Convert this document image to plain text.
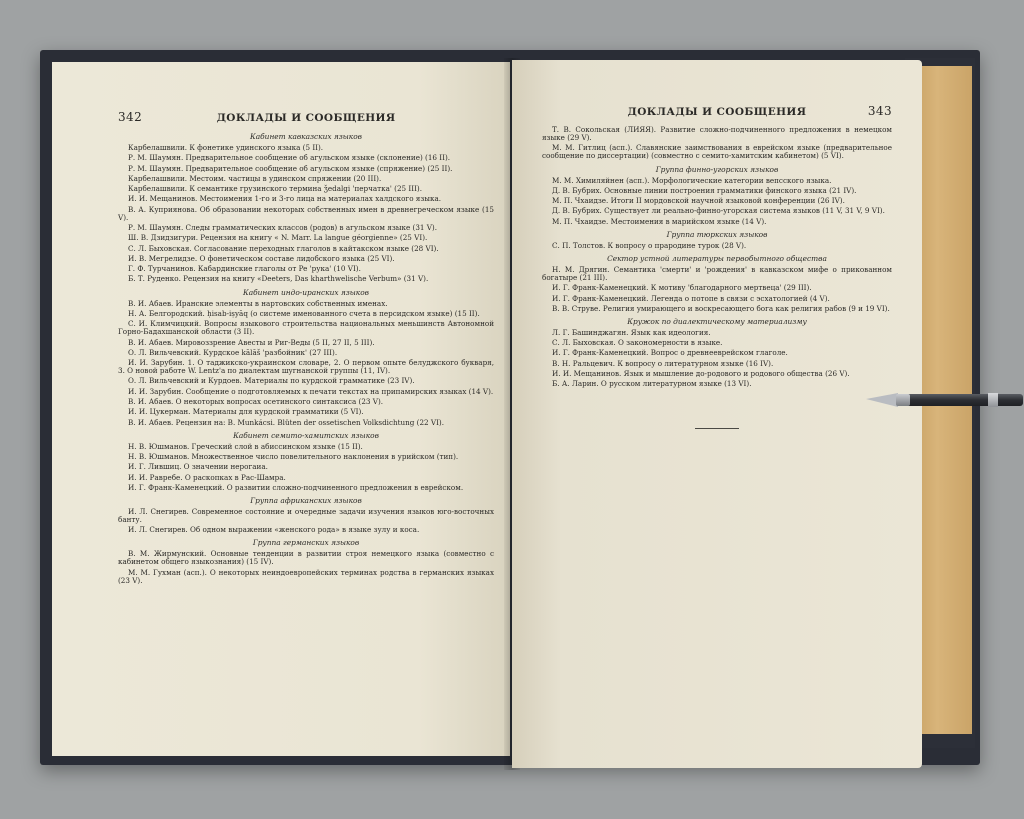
342	ДОКЛАДЫ И СООБЩЕНИЯ
Кабинет кавказских языков

Карбелашвили. К фонетике удинского языка (5 II).

Р. М. Шаумян. Предварительное сообщение об агульском языке (склонение) (16 II).

Р. М. Шаумян. Предварительное сообщение об агульском языке (спряжение) (25 II).

Карбелашвили. Местоим. частицы в удинском спряжении (20 III).

Карбелашвили. К семантике грузинского термина ǯedalgi 'перчатка' (25 III).

И. И. Мещанинов. Местоимения 1-го и 3-го лица на материалах халдского языка.

В. А. Куприянова. Об образовании некоторых собственных имен в древнегреческом языке (15 V).

Р. М. Шаумян. Следы грамматических классов (родов) в агульском языке (31 V).

Ш. В. Дзидзигури. Рецензия на книгу « N. Marr. La langue géorgienne» (25 VI).

С. Л. Быховская. Согласование переходных глаголов в кайтакском языке (28 VI).

И. В. Мегрелидзе. О фонетическом составе лидобского языка (25 VI).

Г. Ф. Турчанинов. Кабардинские глаголы от Pe 'рука' (10 VI).

Б. Т. Руденко. Рецензия на книгу «Deeters, Das kharthwelische Verbum» (31 V).

Кабинет индо-иранских языков

В. И. Абаев. Иранские элементы в нартовских собственных именах.

Н. А. Белгородский. ḥisab-iṣyāq (о системе именованного счета в персидском языке) (15 II).

С. И. Климчицкий. Вопросы языкового строительства национальных меньшинств Автономной Горно-Бадахшанской области (3 II).

В. И. Абаев. Мировоззрение Авесты и Риг-Веды (5 II, 27 II, 5 III).

О. Л. Вильчевский. Курдское kālāš 'разбойник' (27 III).

И. И. Зарубин. 1. О таджикско-украинском словаре, 2. О первом опыте белуджского букваря, 3. О новой работе W. Lentz'а по диалектам шугнанской группы (11, IV).

О. Л. Вильчевский и Курдоев. Материалы по курдской грамматике (23 IV).

И. И. Зарубин. Сообщение о подготовляемых к печати текстах на припамирских языках (14 V).

В. И. Абаев. О некоторых вопросах осетинского синтаксиса (23 V).

И. И. Цукерман. Материалы для курдской грамматики (5 VI).

В. И. Абаев. Рецензия на: B. Munkácsi. Blüten der ossetischen Volksdichtung (22 VI).

Кабинет семито-хамитских языков

Н. В. Юшманов. Греческий слой в абиссинском языке (15 II).

Н. В. Юшманов. Множественное число повелительного наклонения в урийском (тип).

И. Г. Лившиц. О значении нерогаиа.

И. И. Равребе. О раскопках в Рас-Шамра.

И. Г. Франк-Каменецкий. О развитии сложно-подчиненного предложения в еврейском.

Группа африканских языков

И. Л. Снегирев. Современное состояние и очередные задачи изучения языков юго-восточных банту.

И. Л. Снегирев. Об одном выражении «женского рода» в языке зулу и коса.

Группа германских языков

В. М. Жирмунский. Основные тенденции в развитии строя немецкого языка (совместно с кабинетом общего языкознания) (15 IV).

М. М. Гухман (асп.). О некоторых неиндоевропейских терминах родства в германских языках (23 V).

ДОКЛАДЫ И СООБЩЕНИЯ	343

Т. В. Сокольская (ЛИЯЯ). Развитие сложно-подчиненного предложения в немецком языке (29 V).

М. М. Гитлиц (асп.). Славянские заимствования в еврейском языке (предварительное сообщение по диссертации) (совместно с семито-хамитским кабинетом) (5 VI).

Группа финно-угорских языков

М. М. Химиляйнен (асп.). Морфологические категории вепсского языка.

Д. В. Бубрих. Основные линии построения грамматики финского языка (21 IV).

М. П. Чхаидзе. Итоги II мордовской научной языковой конференции (26 IV).

Д. В. Бубрих. Существует ли реально-финно-угорская система языков (11 V, 31 V, 9 VI).

М. П. Чхаидзе. Местоимения в марийском языке (14 V).

Группа тюркских языков

С. П. Толстов. К вопросу о прародине турок (28 V).

Сектор устной литературы первобытного общества

Н. М. Дрягин. Семантика 'смерти' и 'рождения' в кавказском мифе о прикованном богатыре (21 III).

И. Г. Франк-Каменецкий. К мотиву 'благодарного мертвеца' (29 III).

И. Г. Франк-Каменецкий. Легенда о потопе в связи с эсхатологией (4 V).

В. В. Струве. Религия умирающего и воскресающего бога как религия рабов (9 и 19 VI).

Кружок по диалектическому материализму

Л. Г. Башинджагян. Язык как идеология.

С. Л. Быховская. О закономерности в языке.

И. Г. Франк-Каменецкий. Вопрос о древнееврейском глаголе.

В. Н. Ральцевич. К вопросу о литературном языке (16 IV).

И. И. Мещанинов. Язык и мышление до-родового и родового общества (26 V).

Б. А. Ларин. О русском литературном языке (13 VI).
